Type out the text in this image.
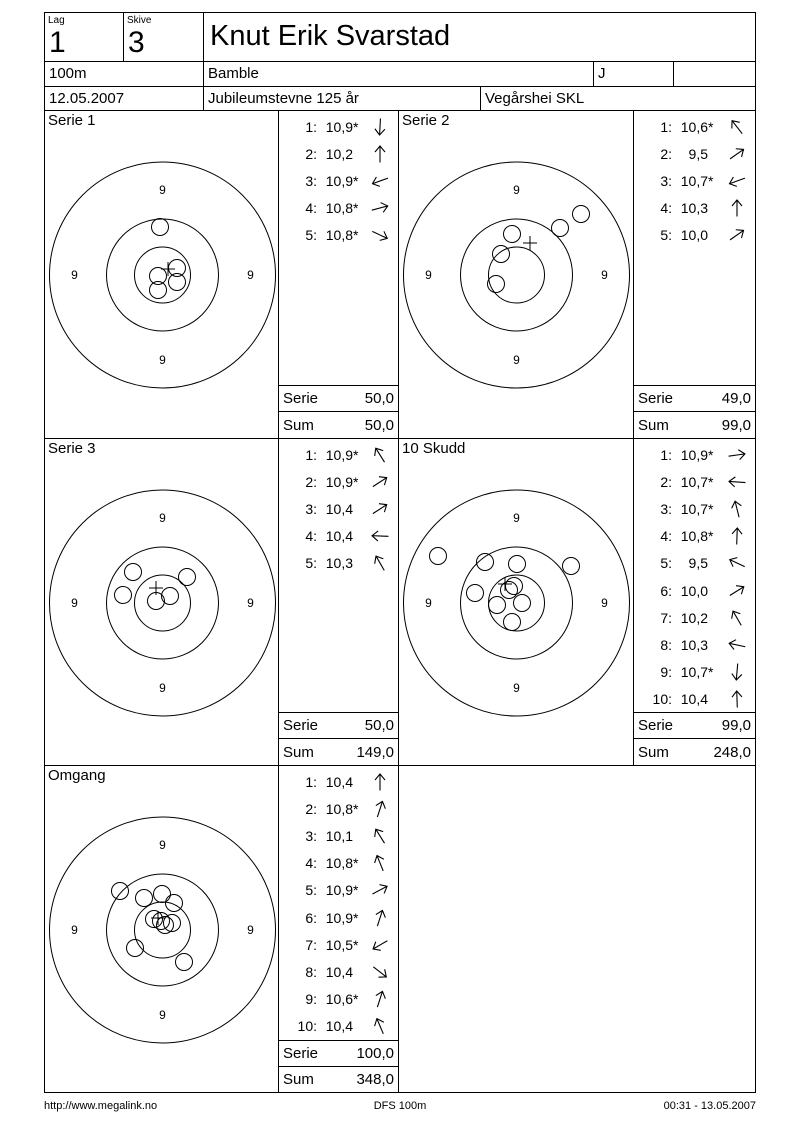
Lag
1
Skive
3	Knut Erik Svarstad
100m	Bamble	J
12.05.2007	Jubileumstevne 125 år	Vegårshei SKL
9
9
9	9
Serie 1
9
9
9	9
Serie 2
9
9
9	9
Serie 3
9
9
9	9
10 Skudd
9
9
9	9
Omgang
1: 10,9 *
2: 10,2
3: 10,9 *
4: 10,8 *
5: 10,8 *
1: 10,6 *
2:	9,5
3: 10,7 *
4: 10,3
5: 10,0
1: 10,9 *
2: 10,9 *
3: 10,4
4: 10,4
5: 10,3
1: 10,9 *
2: 10,7 *
3: 10,7 *
4: 10,8 *
5:	9,5
6: 10,0
7: 10,2
8: 10,3
9: 10,7 *
10: 10,4
1: 10,4
2: 10,8 *
3: 10,1
4: 10,8 *
5: 10,9 *
6: 10,9 *
7: 10,5 *
8: 10,4
9: 10,6 *
10: 10,4
Serie	50,0
Sum	50,0
Serie	49,0
Sum	99,0
Serie	50,0
Sum	149,0
Serie	99,0
Sum	248,0
Serie	100,0
Sum	348,0
http://www.megalink.no	DFS 100m	00:31 - 13.05.2007
